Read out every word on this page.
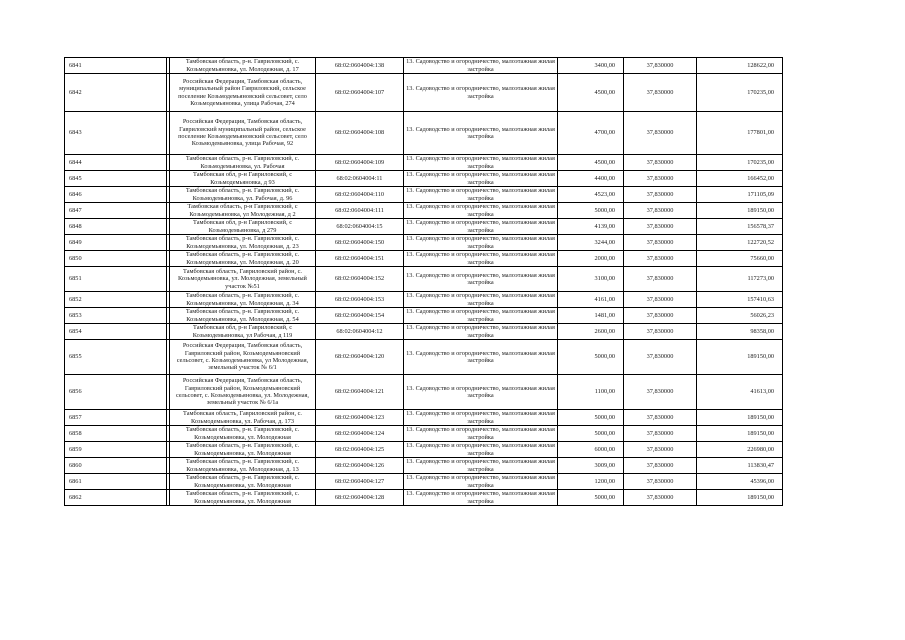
6841		Тамбовская область, р-н. Гавриловский, с. Козьмодемьяновка, ул. Молодежная, д. 17	68:02:0604004:138	13. Садоводство и огородничество, малоэтажная жилая застройка	3400,00	37,830000	128622,00
6842		Российская Федерация, Тамбовская область, муниципальный район Гавриловский, сельское поселение Козьмодемьяновский сельсовет, село Козьмодемьяновка, улица Рабочая, 274	68:02:0604004:107	13. Садоводство и огородничество, малоэтажная жилая застройка	4500,00	37,830000	170235,00
6843		Российская Федерация, Тамбовская область, Гавриловский муниципальный район, сельское поселение Козьмодемьяновский сельсовет, село Козьмодемьяновка, улица Рабочая, 92	68:02:0604004:108	13. Садоводство и огородничество, малоэтажная жилая застройка	4700,00	37,830000	177801,00
6844		Тамбовская область, р-н. Гавриловский, с. Козьмодемьяновка, ул. Рабочая	68:02:0604004:109	13. Садоводство и огородничество, малоэтажная жилая застройка	4500,00	37,830000	170235,00
6845		Тамбовская обл, р-н Гавриловский, с Козьмодемьяновка, д 93	68:02:0604004:11	13. Садоводство и огородничество, малоэтажная жилая застройка	4400,00	37,830000	166452,00
6846		Тамбовская область, р-н. Гавриловский, с. Козьмодемьяновка, ул. Рабочая, д. 96	68:02:0604004:110	13. Садоводство и огородничество, малоэтажная жилая застройка	4523,00	37,830000	171105,09
6847		Тамбовская область, р-н Гавриловский, с Козьмодемьяновка, ул Молодежная, д 2	68:02:0604004:111	13. Садоводство и огородничество, малоэтажная жилая застройка	5000,00	37,830000	189150,00
6848		Тамбовская обл, р-н Гавриловский, с Козьмодемьяновка, д 279	68:02:0604004:15	13. Садоводство и огородничество, малоэтажная жилая застройка	4139,00	37,830000	156578,37
6849		Тамбовская область, р-н. Гавриловский, с. Козьмодемьяновка, ул. Молодежная, д. 23	68:02:0604004:150	13. Садоводство и огородничество, малоэтажная жилая застройка	3244,00	37,830000	122720,52
6850		Тамбовская область, р-н. Гавриловский, с. Козьмодемьяновка, ул. Молодежная, д. 20	68:02:0604004:151	13. Садоводство и огородничество, малоэтажная жилая застройка	2000,00	37,830000	75660,00
6851		Тамбовская область, Гавриловский район, с. Козьмодемьяновка, ул. Молодежная, земельный участок №51	68:02:0604004:152	13. Садоводство и огородничество, малоэтажная жилая застройка	3100,00	37,830000	117273,00
6852		Тамбовская область, р-н. Гавриловский, с. Козьмодемьяновка, ул. Молодежная, д. 34	68:02:0604004:153	13. Садоводство и огородничество, малоэтажная жилая застройка	4161,00	37,830000	157410,63
6853		Тамбовская область, р-н. Гавриловский, с. Козьмодемьяновка, ул. Молодежная, д. 54	68:02:0604004:154	13. Садоводство и огородничество, малоэтажная жилая застройка	1481,00	37,830000	56026,23
6854		Тамбовская обл, р-н Гавриловский, с Козьмодемьяновка, ул Рабочая, д 119	68:02:0604004:12	13. Садоводство и огородничество, малоэтажная жилая застройка	2600,00	37,830000	98358,00
6855		Российская Федерация, Тамбовская область, Гавриловский район, Козьмодемьяновский сельсовет, с. Козьмодемьяновка, ул Молодежная, земельный участок № 6/1	68:02:0604004:120	13. Садоводство и огородничество, малоэтажная жилая застройка	5000,00	37,830000	189150,00
6856		Российская Федерация, Тамбовская область, Гавриловский район, Козьмодемьяновский сельсовет, с. Козьмодемьяновка, ул. Молодежная, земельный участок № 6/1а	68:02:0604004:121	13. Садоводство и огородничество, малоэтажная жилая застройка	1100,00	37,830000	41613,00
6857		Тамбовская область, Гавриловский район, с. Козьмодемьяновка, ул. Рабочая, д. 173	68:02:0604004:123	13. Садоводство и огородничество, малоэтажная жилая застройка	5000,00	37,830000	189150,00
6858		Тамбовская область, р-н. Гавриловский, с. Козьмодемьяновка, ул. Молодежная	68:02:0604004:124	13. Садоводство и огородничество, малоэтажная жилая застройка	5000,00	37,830000	189150,00
6859		Тамбовская область, р-н. Гавриловский, с. Козьмодемьяновка, ул. Молодежная	68:02:0604004:125	13. Садоводство и огородничество, малоэтажная жилая застройка	6000,00	37,830000	226980,00
6860		Тамбовская область, р-н. Гавриловский, с. Козьмодемьяновка, ул. Молодежная, д. 13	68:02:0604004:126	13. Садоводство и огородничество, малоэтажная жилая застройка	3009,00	37,830000	113830,47
6861		Тамбовская область, р-н. Гавриловский, с. Козьмодемьяновка, ул. Молодежная	68:02:0604004:127	13. Садоводство и огородничество, малоэтажная жилая застройка	1200,00	37,830000	45396,00
6862		Тамбовская область, р-н. Гавриловский, с. Козьмодемьяновка, ул. Молодежная	68:02:0604004:128	13. Садоводство и огородничество, малоэтажная жилая застройка	5000,00	37,830000	189150,00
